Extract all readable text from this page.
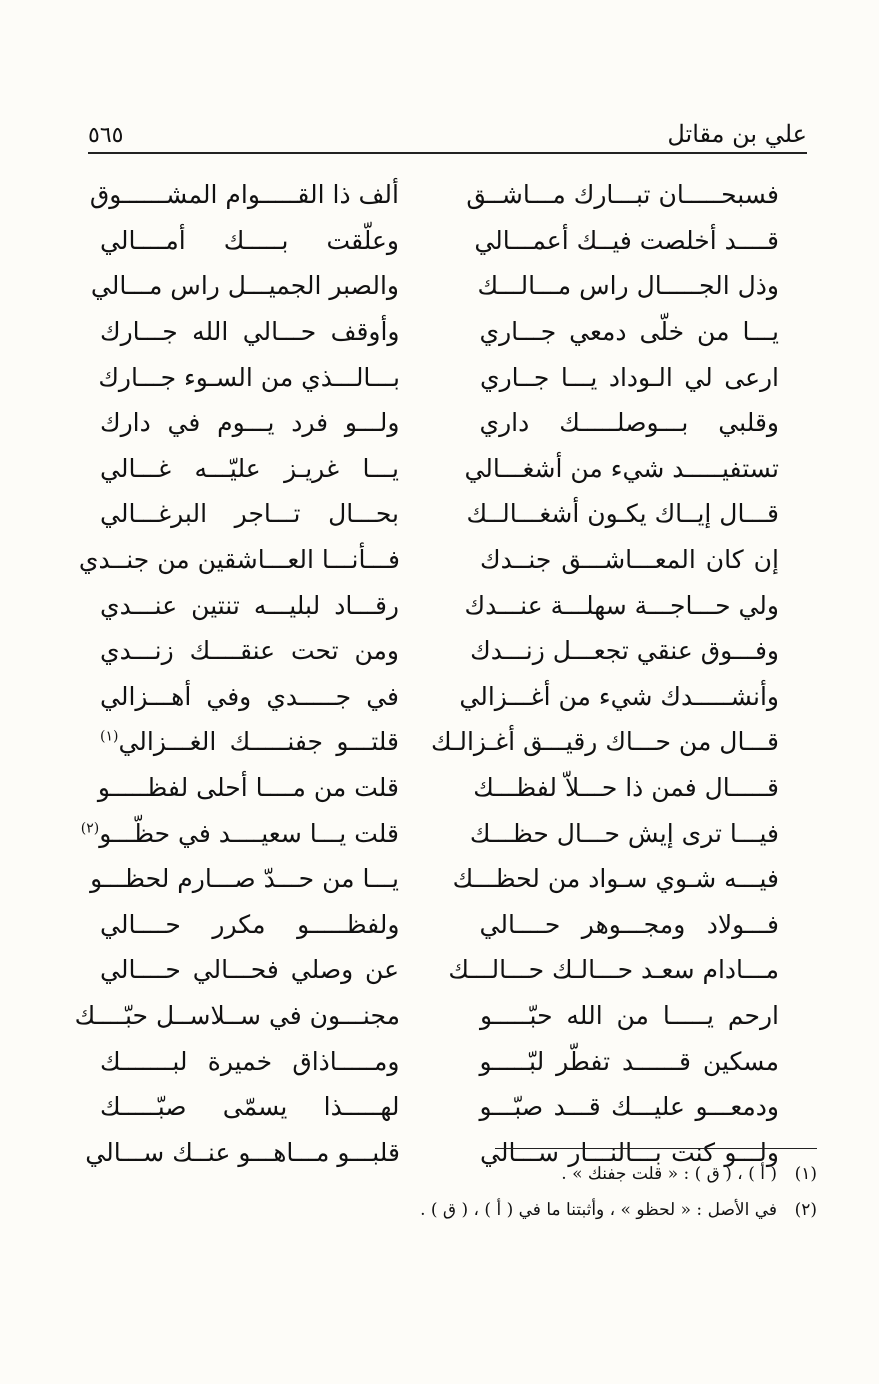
علي بن مقاتل
٥٦٥
فسبحـــــان تبـــارك مـــاشــق
ألف ذا القـــــوام المشــــــوق
قــــد أخلصت فيــك أعمـــالي
وعلّقت بـــــك أمــــالي
وذل الجـــــال راس مـــالـــك
والصبر الجميـــل راس مـــالي
يـــا من خلّى دمعي جـــاري
وأوقف حـــالي الله جـــارك
ارعى لي الـوداد يـــا جــاري
بـــالـــذي من السـوء جـــارك
وقلبي بـــوصلـــــك داري
ولـــو فرد يـــوم في دارك
تستفيـــــد شيء من أشغـــالي
يـــا غريـز عليّـــه غـــالي
قـــال إيــاك يكـون أشغـــالــك
بحـــال تـــاجر البرغـــالي
إن كان المعـــاشـــق جنــدك
فـــأنـــا العـــاشقين من جنــدي
ولي حـــاجـــة سهلـــة عنـــدك
رقـــاد لبليـــه تنتين عنـــدي
وفـــوق عنقي تجعـــل زنـــدك
ومن تحت عنقــــك زنـــدي
وأنشـــــدك شيء من أغـــزالي
في جـــــدي وفي أهـــزالي
قـــال من حـــاك رقيـــق أغـزالـك
قلتـــو جفنـــــك الغـــزالي$^{(١)}$
قـــــال فمن ذا حـــلاّ لفظـــك
قلت من مــــا أحلى لفظـــــو
فيـــا ترى إيش حـــال حظـــك
قلت يـــا سعيــــد في حظّـــو$^{(٢)}$
فيـــه شـوي سـواد من لحظـــك
يـــا من حـــدّ صـــارم لحظـــو
فـــولاد ومجـــوهر حــــالي
ولفظـــــو مكرر حــــالي
مـــادام سعـد حـــالـك حـــالـــك
عن وصلي فحـــالي حــــالي
ارحم يـــــا من الله حبّـــــو
مجنـــون في ســلاســل حبّــــك
مسكين قــــــد تفطّر لبّـــــو
ومـــــاذاق خميرة لبـــــــك
ودمعـــو عليـــك قـــد صبّـــو
لهـــــذا يسمّى صبّـــــك
ولـــو كنت بـــالنـــار ســـالي
قلبـــو مـــاهـــو عنــك ســـالي
(١)
( أ ) ، ( ق ) : « قلت جفنك » .
(٢)
في الأصل : « لحظو » ، وأثبتنا ما في ( أ ) ، ( ق ) .
